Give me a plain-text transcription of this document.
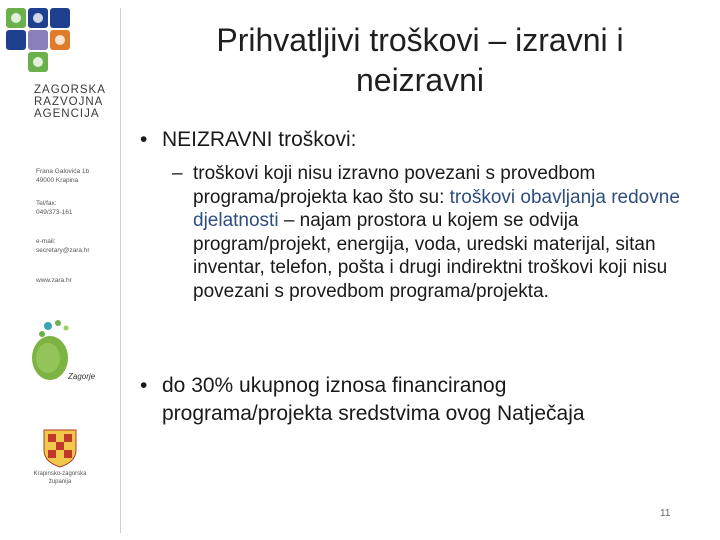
ZAGORSKA
RAZVOJNA
AGENCIJA
Frana Galovića 1b
49000 Krapina
Tel/fax:
049/373-161
e-mail:
secretary@zara.hr
www.zara.hr
Zagorje
Krapinsko-zagorska županija
Prihvatljivi troškovi – izravni i
neizravni
• NEIZRAVNI troškovi:
– troškovi koji nisu izravno povezani s provedbom programa/projekta kao što su: troškovi obavljanja redovne djelatnosti – najam prostora u kojem se odvija program/projekt, energija, voda, uredski materijal, sitan inventar, telefon, pošta i drugi indirektni troškovi koji nisu povezani s provedbom programa/projekta.
• do 30% ukupnog iznosa financiranog programa/projekta sredstvima ovog Natječaja
11
